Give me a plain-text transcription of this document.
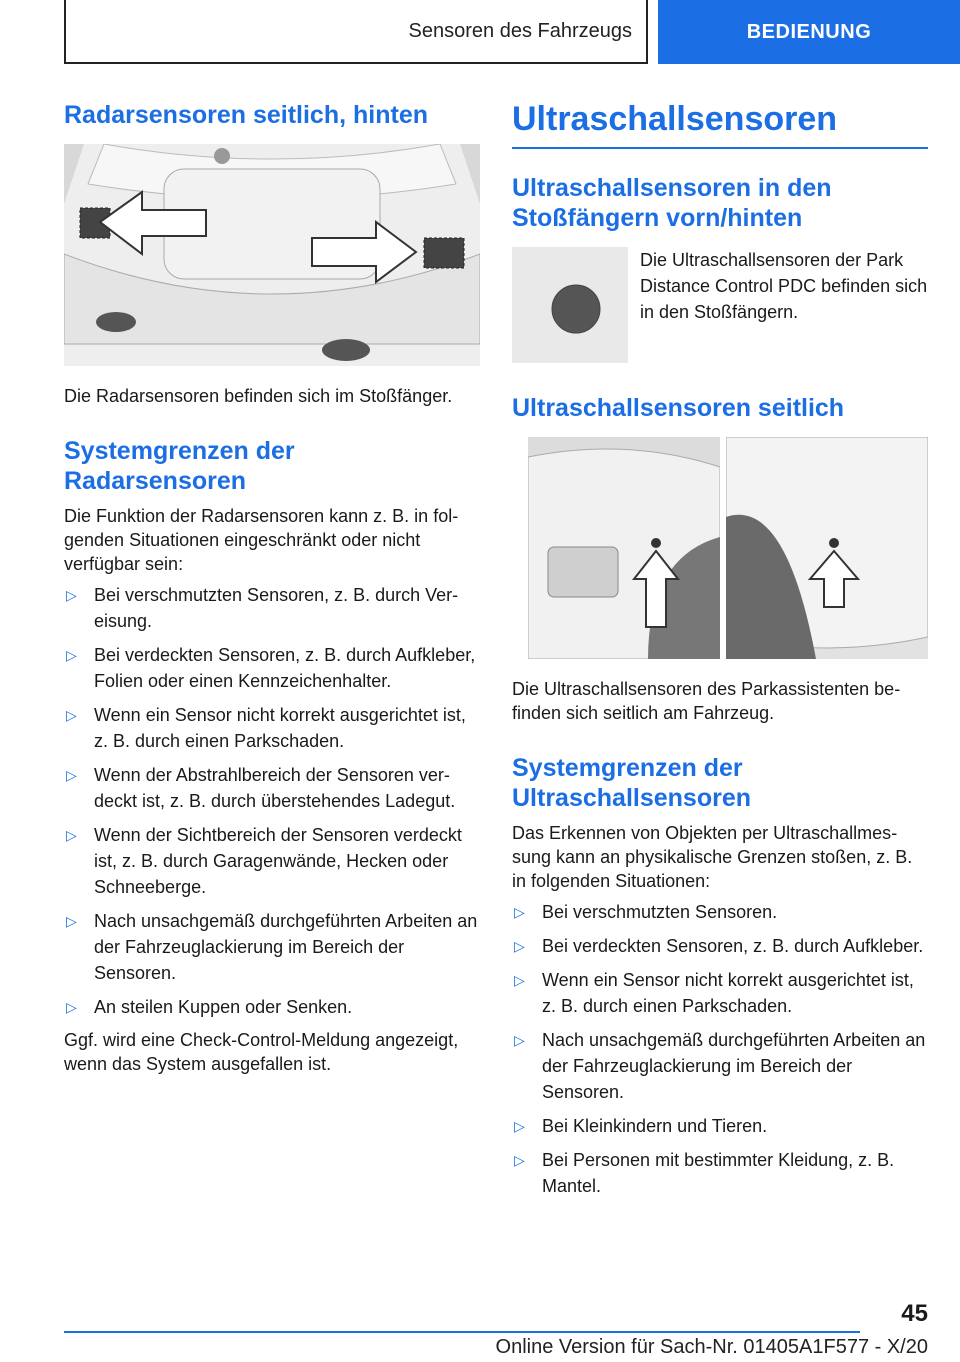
Sensoren des Fahrzeugs	BEDIENUNG
Radarsensoren seitlich, hinten

Die Radarsensoren befinden sich im Stoßfänger.

Systemgrenzen der Radarsensoren

Die Funktion der Radarsensoren kann z. B. in folgenden Situationen eingeschränkt oder nicht verfügbar sein:

▷ Bei verschmutzten Sensoren, z. B. durch Vereisung.
▷ Bei verdeckten Sensoren, z. B. durch Aufkleber, Folien oder einen Kennzeichenhalter.
▷ Wenn ein Sensor nicht korrekt ausgerichtet ist, z. B. durch einen Parkschaden.
▷ Wenn der Abstrahlbereich der Sensoren verdeckt ist, z. B. durch überstehendes Ladegut.
▷ Wenn der Sichtbereich der Sensoren verdeckt ist, z. B. durch Garagenwände, Hecken oder Schneeberge.
▷ Nach unsachgemäß durchgeführten Arbeiten an der Fahrzeuglackierung im Bereich der Sensoren.
▷ An steilen Kuppen oder Senken.

Ggf. wird eine Check-Control-Meldung angezeigt, wenn das System ausgefallen ist.

Ultraschallsensoren
Ultraschallsensoren in den Stoßfängern vorn/hinten

Die Ultraschallsensoren der Park Distance Control PDC befinden sich in den Stoßfängern.

Ultraschallsensoren seitlich

Die Ultraschallsensoren des Parkassistenten befinden sich seitlich am Fahrzeug.

Systemgrenzen der Ultraschallsensoren

Das Erkennen von Objekten per Ultraschallmessung kann an physikalische Grenzen stoßen, z. B. in folgenden Situationen:

▷ Bei verschmutzten Sensoren.
▷ Bei verdeckten Sensoren, z. B. durch Aufkleber.
▷ Wenn ein Sensor nicht korrekt ausgerichtet ist, z. B. durch einen Parkschaden.
▷ Nach unsachgemäß durchgeführten Arbeiten an der Fahrzeuglackierung im Bereich der Sensoren.
▷ Bei Kleinkindern und Tieren.
▷ Bei Personen mit bestimmter Kleidung, z. B. Mantel.
45
Online Version für Sach-Nr. 01405A1F577 - X/20
